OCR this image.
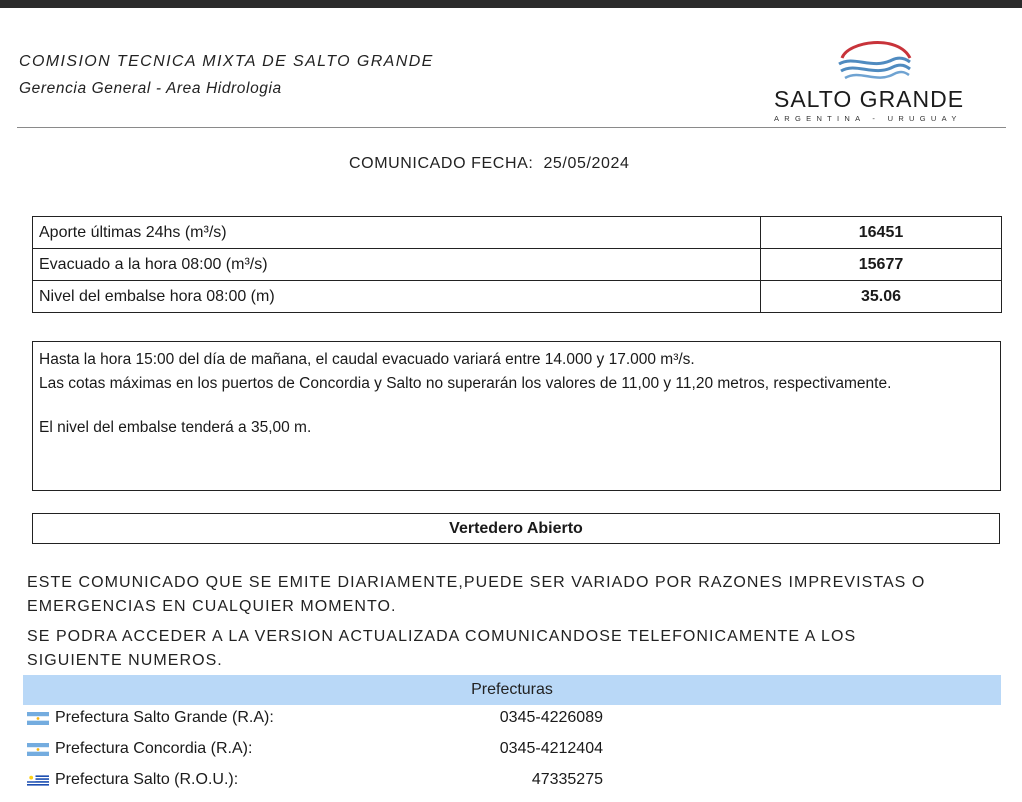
COMISION TECNICA MIXTA DE SALTO GRANDE
Gerencia General - Area Hidrologia	SALTO GRANDE
ARGENTINA - URUGUAY
COMUNICADO FECHA: 25/05/2024
Aporte últimas 24hs (m³/s)	16451
Evacuado a la hora 08:00 (m³/s)	15677
Nivel del embalse hora 08:00 (m)	35.06

Hasta la hora 15:00 del día de mañana, el caudal evacuado variará entre 14.000 y 17.000 m³/s.

Las cotas máximas en los puertos de Concordia y Salto no superarán los valores de 11,00 y 11,20 metros, respectivamente.

El nivel del embalse tenderá a 35,00 m.

Vertedero Abierto

ESTE COMUNICADO QUE SE EMITE DIARIAMENTE,PUEDE SER VARIADO POR RAZONES IMPREVISTAS O EMERGENCIAS EN CUALQUIER MOMENTO.

SE PODRA ACCEDER A LA VERSION ACTUALIZADA COMUNICANDOSE TELEFONICAMENTE A LOS SIGUIENTE NUMEROS.

Prefecturas
Prefectura Salto Grande (R.A):	0345-4226089
Prefectura Concordia (R.A):	0345-4212404
Prefectura Salto (R.O.U.):	47335275
